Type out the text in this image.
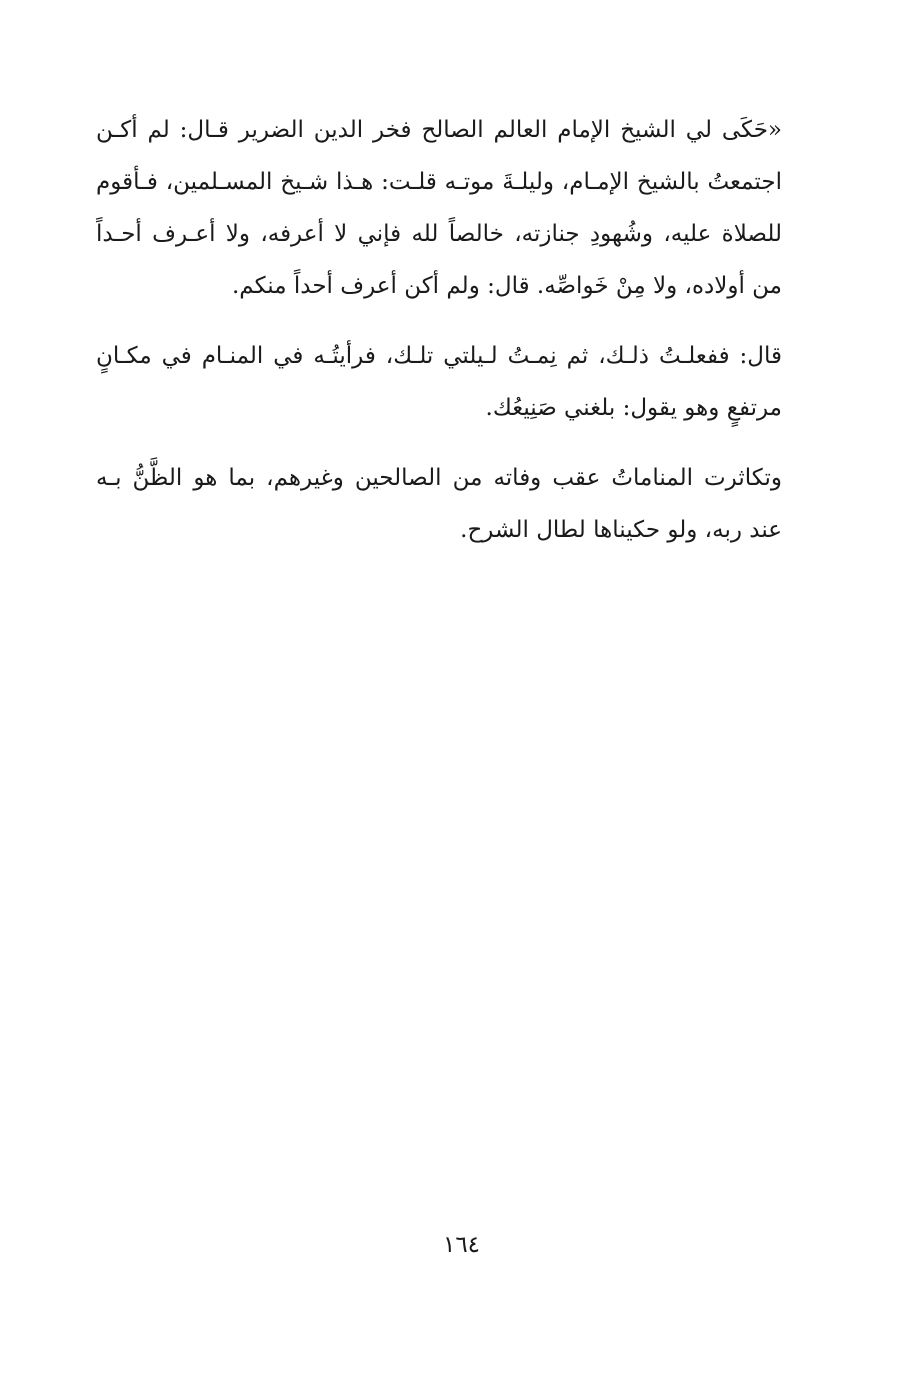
«حَكَى لي الشيخ الإمام العالم الصالح فخر الدين الضرير قـال: لم أكـن
اجتمعتُ بالشيخ الإمـام، وليلـةَ موتـه قلـت: هـذا شـيخ المسـلمين، فـأقوم
للصلاة عليه، وشُهودِ جنازته، خالصاً لله فإني لا أعرفه، ولا أعـرف أحـداً
من أولاده، ولا مِنْ خَواصِّه. قال: ولم أكن أعرف أحداً منكم.
قال: ففعلـتُ ذلـك، ثم نِمـتُ لـيلتي تلـك، فرأيتُـه في المنـام في مكـانٍ
مرتفعٍ وهو يقول: بلغني صَنِيعُك.
وتكاثرت المناماتُ عقب وفاته من الصالحين وغيرهم، بما هو الظَّنُّ بـه
عند ربه، ولو حكيناها لطال الشرح.
١٦٤
